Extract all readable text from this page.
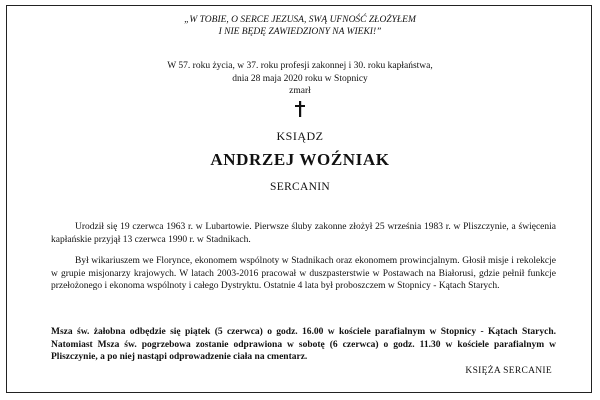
„W TOBIE, O SERCE JEZUSA, SWĄ UFNOŚĆ ZŁOŻYŁEM
I NIE BĘDĘ ZAWIEDZIONY NA WIEKI!”
W 57. roku życia, w 37. roku profesji zakonnej i 30. roku kapłaństwa,
dnia 28 maja 2020 roku w Stopnicy
zmarł
KSIĄDZ
ANDRZEJ WOŹNIAK
SERCANIN

Urodził się 19 czerwca 1963 r. w Lubartowie. Pierwsze śluby zakonne złożył 25 września 1983 r. w Pliszczynie, a święcenia kapłańskie przyjął 13 czerwca 1990 r. w Stadnikach.

Był wikariuszem we Florynce, ekonomem wspólnoty w Stadnikach oraz ekonomem prowincjalnym. Głosił misje i rekolekcje w grupie misjonarzy krajowych. W latach 2003-2016 pracował w duszpasterstwie w Postawach na Białorusi, gdzie pełnił funkcje przełożonego i ekonoma wspólnoty i całego Dystryktu. Ostatnie 4 lata był proboszczem w Stopnicy - Kątach Starych.

Msza św. żałobna odbędzie się piątek (5 czerwca) o godz. 16.00 w kościele parafialnym w Stopnicy - Kątach Starych. Natomiast Msza św. pogrzebowa zostanie odprawiona w sobotę (6 czerwca) o godz. 11.30 w kościele parafialnym w Pliszczynie, a po niej nastąpi odprowadzenie ciała na cmentarz.

KSIĘŻA SERCANIE
